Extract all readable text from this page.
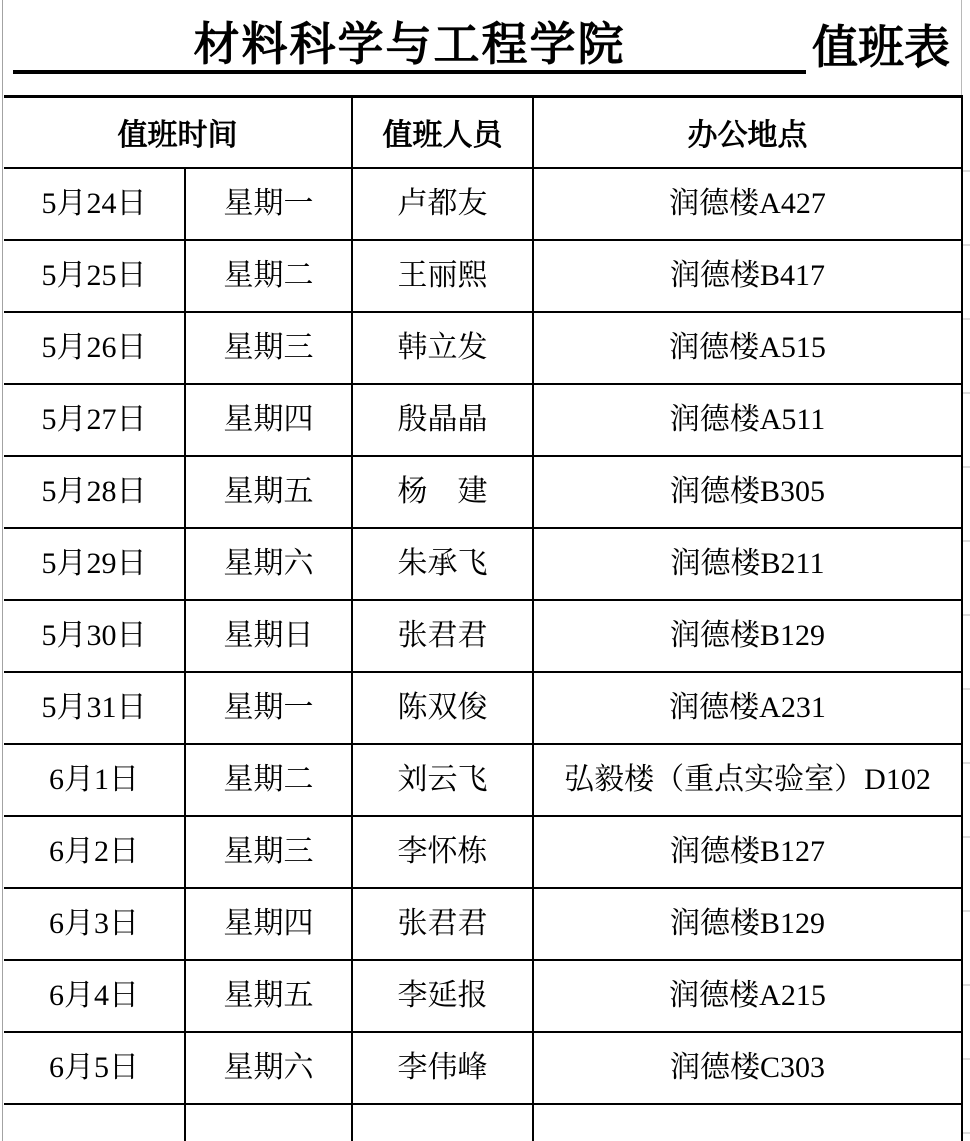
材料科学与工程学院	值班表
值班时间		值班人员	办公地点
5月24日	星期一	卢都友	润德楼A427
5月25日	星期二	王丽熙	润德楼B417
5月26日	星期三	韩立发	润德楼A515
5月27日	星期四	殷晶晶	润德楼A511
5月28日	星期五	杨　建	润德楼B305
5月29日	星期六	朱承飞	润德楼B211
5月30日	星期日	张君君	润德楼B129
5月31日	星期一	陈双俊	润德楼A231
6月1日	星期二	刘云飞	弘毅楼（重点实验室）D102
6月2日	星期三	李怀栋	润德楼B127
6月3日	星期四	张君君	润德楼B129
6月4日	星期五	李延报	润德楼A215
6月5日	星期六	李伟峰	润德楼C303
